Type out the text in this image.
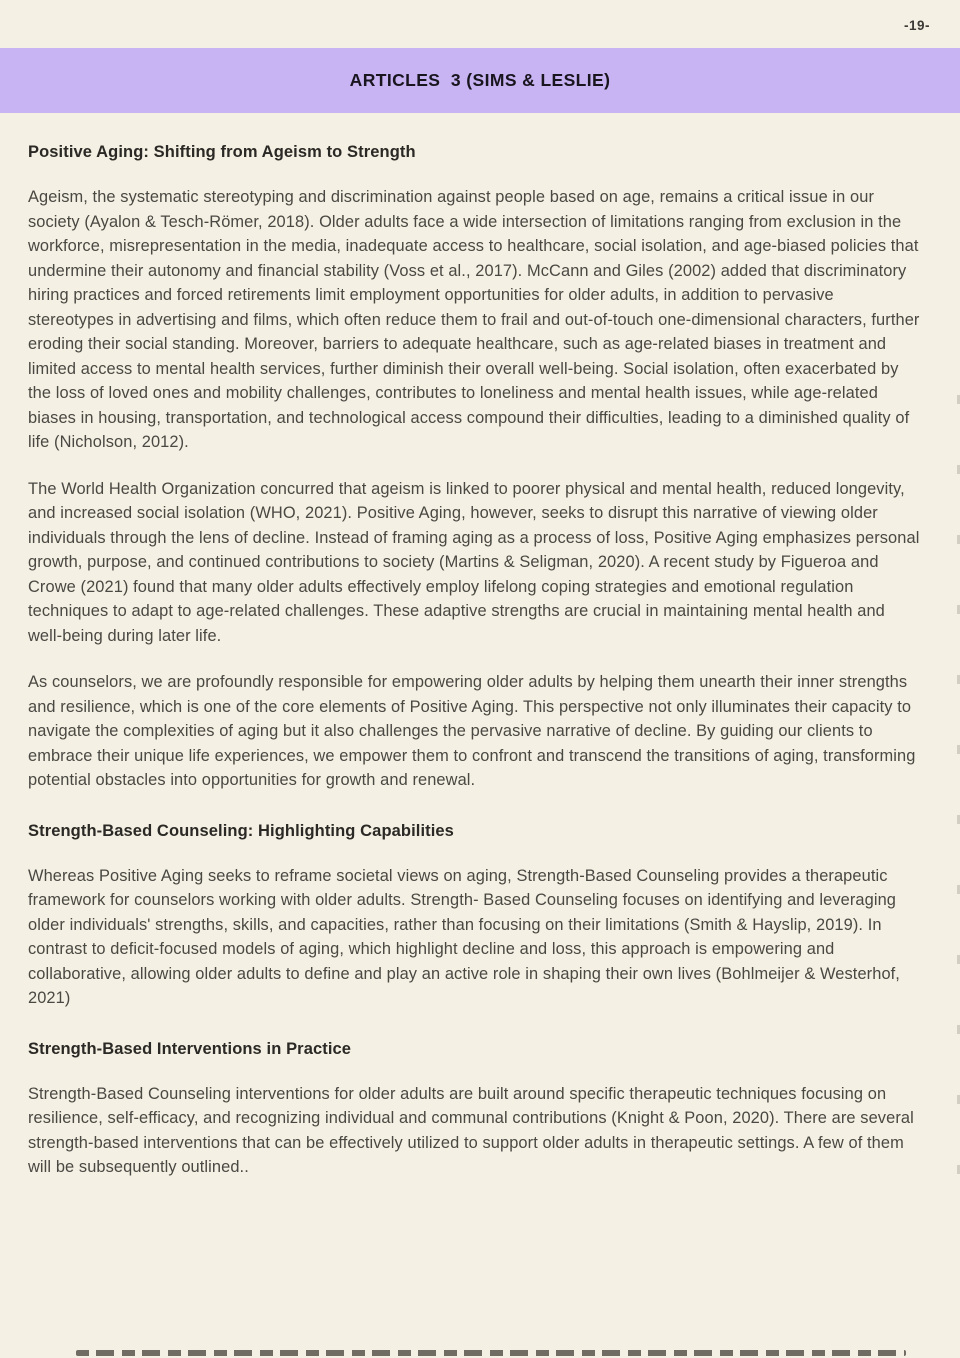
-19-
ARTICLES  3 (SIMS & LESLIE)
Positive Aging: Shifting from Ageism to Strength

Ageism, the systematic stereotyping and discrimination against people based on age, remains a critical issue in our society (Ayalon & Tesch-Römer, 2018). Older adults face a wide intersection of limitations ranging from exclusion in the workforce, misrepresentation in the media, inadequate access to healthcare, social isolation, and age-biased policies that undermine their autonomy and financial stability (Voss et al., 2017). McCann and Giles (2002) added that discriminatory hiring practices and forced retirements limit employment opportunities for older adults, in addition to pervasive stereotypes in advertising and films, which often reduce them to frail and out-of-touch one-dimensional characters, further eroding their social standing. Moreover, barriers to adequate healthcare, such as age-related biases in treatment and limited access to mental health services, further diminish their overall well-being. Social isolation, often exacerbated by the loss of loved ones and mobility challenges, contributes to loneliness and mental health issues, while age-related biases in housing, transportation, and technological access compound their difficulties, leading to a diminished quality of life (Nicholson, 2012).

The World Health Organization concurred that ageism is linked to poorer physical and mental health, reduced longevity, and increased social isolation (WHO, 2021). Positive Aging, however, seeks to disrupt this narrative of viewing older individuals through the lens of decline. Instead of framing aging as a process of loss, Positive Aging emphasizes personal growth, purpose, and continued contributions to society (Martins & Seligman, 2020). A recent study by Figueroa and Crowe (2021) found that many older adults effectively employ lifelong coping strategies and emotional regulation techniques to adapt to age-related challenges. These adaptive strengths are crucial in maintaining mental health and well-being during later life.

As counselors, we are profoundly responsible for empowering older adults by helping them unearth their inner strengths and resilience, which is one of the core elements of Positive Aging. This perspective not only illuminates their capacity to navigate the complexities of aging but it also challenges the pervasive narrative of decline. By guiding our clients to embrace their unique life experiences, we empower them to confront and transcend the transitions of aging, transforming potential obstacles into opportunities for growth and renewal.

Strength-Based Counseling: Highlighting Capabilities

Whereas Positive Aging seeks to reframe societal views on aging, Strength-Based Counseling provides a therapeutic framework for counselors working with older adults. Strength- Based Counseling focuses on identifying and leveraging older individuals' strengths, skills, and capacities, rather than focusing on their limitations (Smith & Hayslip, 2019). In contrast to deficit-focused models of aging, which highlight decline and loss, this approach is empowering and collaborative, allowing older adults to define and play an active role in shaping their own lives (Bohlmeijer & Westerhof, 2021)

Strength-Based Interventions in Practice

Strength-Based Counseling interventions for older adults are built around specific therapeutic techniques focusing on resilience, self-efficacy, and recognizing individual and communal contributions (Knight & Poon, 2020). There are several strength-based interventions that can be effectively utilized to support older adults in therapeutic settings. A few of them will be subsequently outlined..
